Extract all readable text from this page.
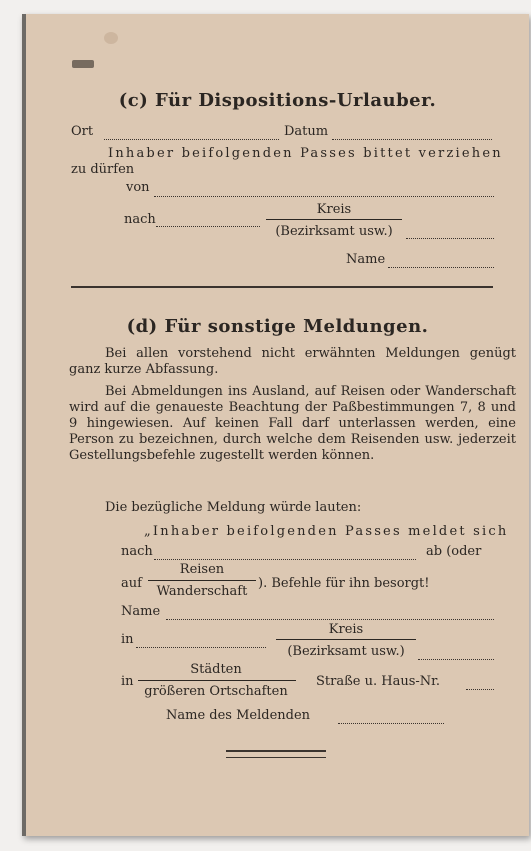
(c) Für Dispositions-Urlauber.
Ort	Datum
Inhaber beifolgenden Passes bittet verziehen
zu dürfen
von
nach
Kreis
(Bezirksamt usw.)
Name
(d) Für sonstige Meldungen.
Bei allen vorstehend nicht erwähnten Meldungen genügt ganz kurze Abfassung.
Bei Abmeldungen ins Ausland, auf Reisen oder Wanderschaft wird auf die genaueste Beachtung der Paßbestimmungen 7, 8 und 9 hingewiesen. Auf keinen Fall darf unterlassen werden, eine Person zu bezeichnen, durch welche dem Reisenden usw. jederzeit Gestellungsbefehle zugestellt werden können.
Die bezügliche Meldung würde lauten:
„Inhaber beifolgenden Passes meldet sich
nach	ab (oder
auf
Reisen
Wanderschaft
). Befehle für ihn besorgt!
Name
in
Kreis
(Bezirksamt usw.)
in
Städten
größeren Ortschaften
Straße u. Haus-Nr.
Name des Meldenden
